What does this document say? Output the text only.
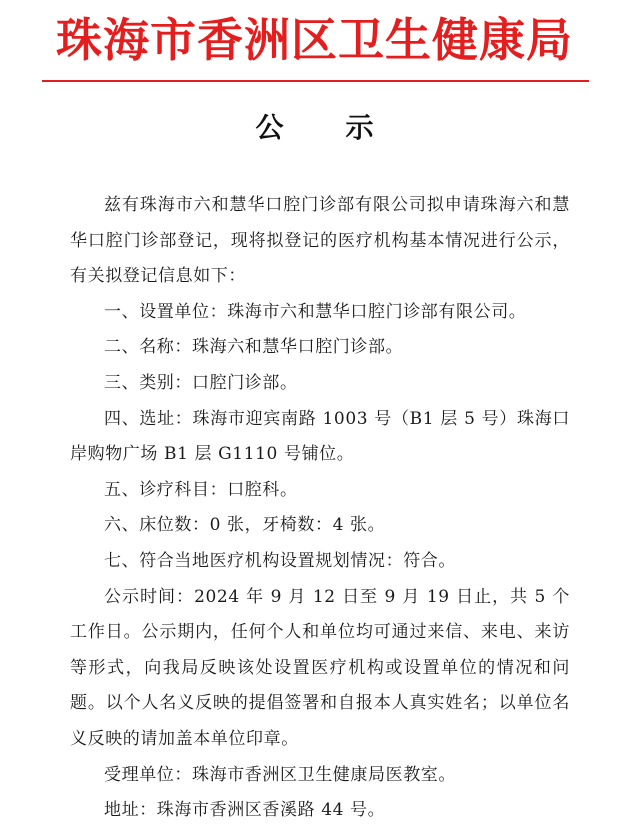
珠海市香洲区卫生健康局
公示

兹有珠海市六和慧华口腔门诊部有限公司拟申请珠海六和慧华口腔门诊部登记，现将拟登记的医疗机构基本情况进行公示，有关拟登记信息如下：

一、设置单位：珠海市六和慧华口腔门诊部有限公司。

二、名称：珠海六和慧华口腔门诊部。

三、类别：口腔门诊部。

四、选址：珠海市迎宾南路 1003 号（B1 层 5 号）珠海口岸购物广场 B1 层 G1110 号铺位。

五、诊疗科目：口腔科。

六、床位数：0 张，牙椅数：4 张。

七、符合当地医疗机构设置规划情况：符合。

公示时间：2024 年 9 月 12 日至 9 月 19 日止，共 5 个工作日。公示期内，任何个人和单位均可通过来信、来电、来访等形式，向我局反映该处设置医疗机构或设置单位的情况和问题。以个人名义反映的提倡签署和自报本人真实姓名；以单位名义反映的请加盖本单位印章。

受理单位：珠海市香洲区卫生健康局医教室。

地址：珠海市香洲区香溪路 44 号。
